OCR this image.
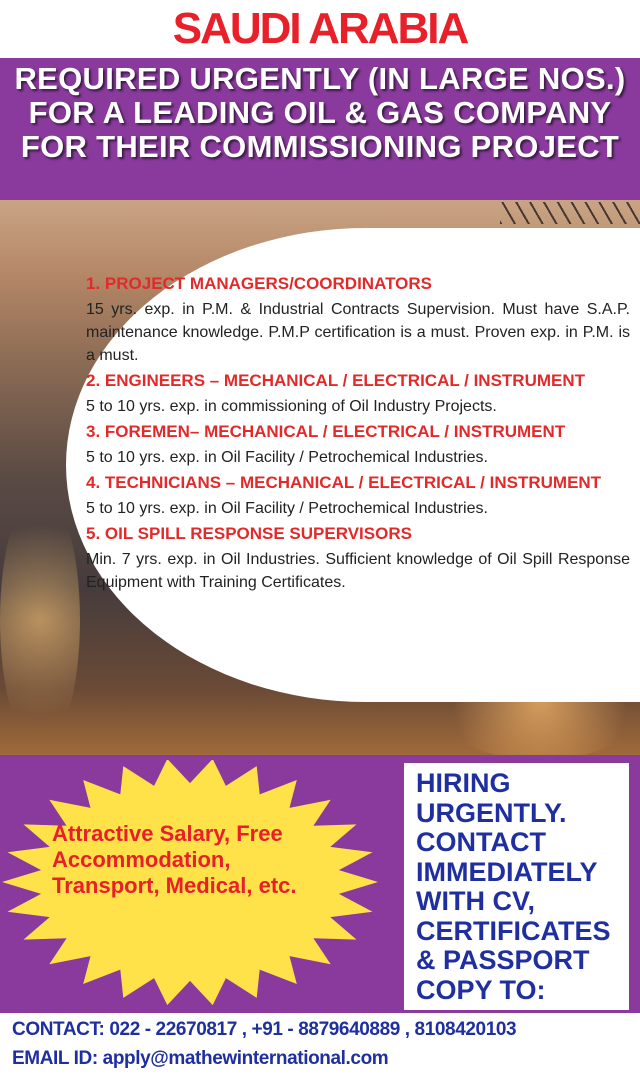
SAUDI ARABIA

REQUIRED URGENTLY (IN LARGE NOS.) FOR A LEADING OIL & GAS COMPANY FOR THEIR COMMISSIONING PROJECT

1. PROJECT MANAGERS/COORDINATORS
15 yrs. exp. in P.M. & Industrial Contracts Supervision. Must have S.A.P. maintenance knowledge. P.M.P certification is a must. Proven exp. in P.M. is a must.
2. ENGINEERS – MECHANICAL / ELECTRICAL / INSTRUMENT
5 to 10 yrs. exp. in commissioning of Oil Industry Projects.
3. FOREMEN– MECHANICAL / ELECTRICAL / INSTRUMENT
5 to 10 yrs. exp. in Oil Facility / Petrochemical Industries.
4. TECHNICIANS – MECHANICAL / ELECTRICAL / INSTRUMENT
5 to 10 yrs. exp. in Oil Facility / Petrochemical Industries.
5. OIL SPILL RESPONSE SUPERVISORS
Min. 7 yrs. exp. in Oil Industries. Sufficient knowledge of Oil Spill Response Equipment with Training Certificates.
Attractive Salary, Free Accommodation, Transport, Medical, etc.

HIRING URGENTLY. CONTACT IMMEDIATELY WITH CV, CERTIFICATES & PASSPORT COPY TO:

CONTACT: 022 - 22670817 , +91 - 8879640889 , 8108420103

EMAIL ID: apply@mathewinternational.com
